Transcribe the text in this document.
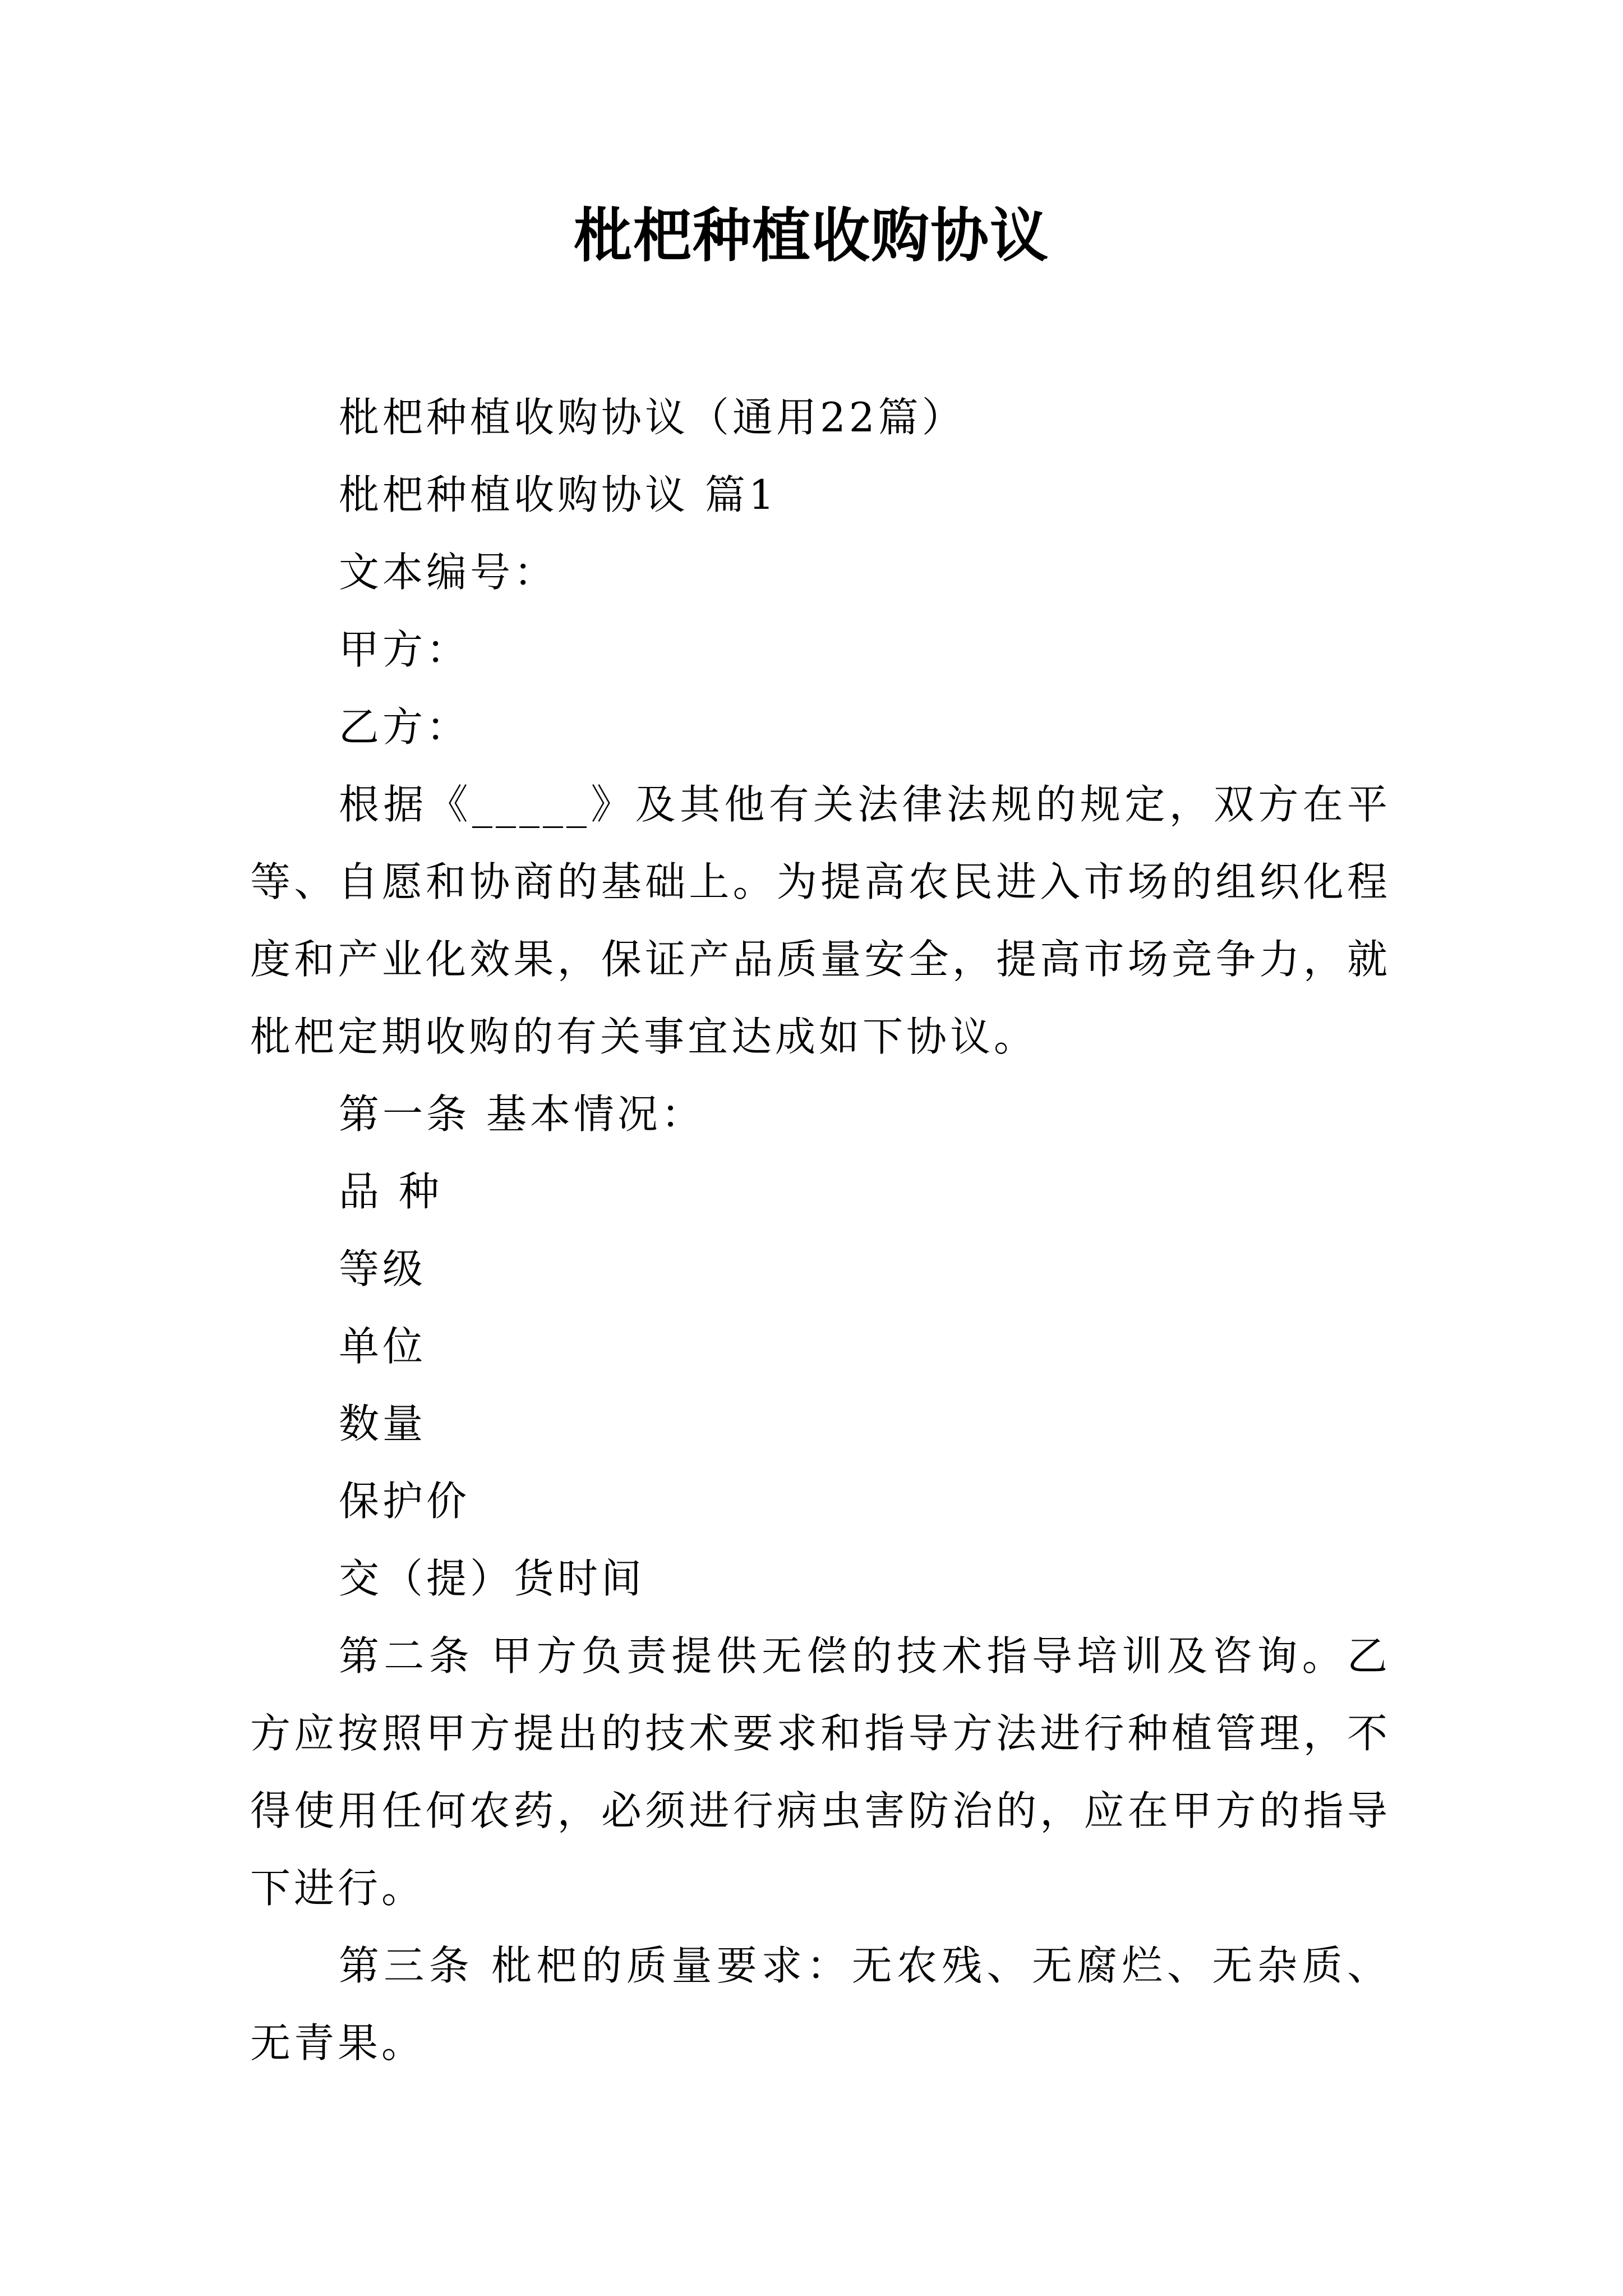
枇杷种植收购协议

枇杷种植收购协议（通用22篇）

枇杷种植收购协议 篇1

文本编号：

甲方：

乙方：

根据《_____》及其他有关法律法规的规定，双方在平等、自愿和协商的基础上。为提高农民进入市场的组织化程度和产业化效果，保证产品质量安全，提高市场竞争力，就枇杷定期收购的有关事宜达成如下协议。

第一条 基本情况：

品 种

等级

单位

数量

保护价

交（提）货时间

第二条 甲方负责提供无偿的技术指导培训及咨询。乙方应按照甲方提出的技术要求和指导方法进行种植管理，不得使用任何农药，必须进行病虫害防治的，应在甲方的指导下进行。

第三条 枇杷的质量要求：无农残、无腐烂、无杂质、无青果。
